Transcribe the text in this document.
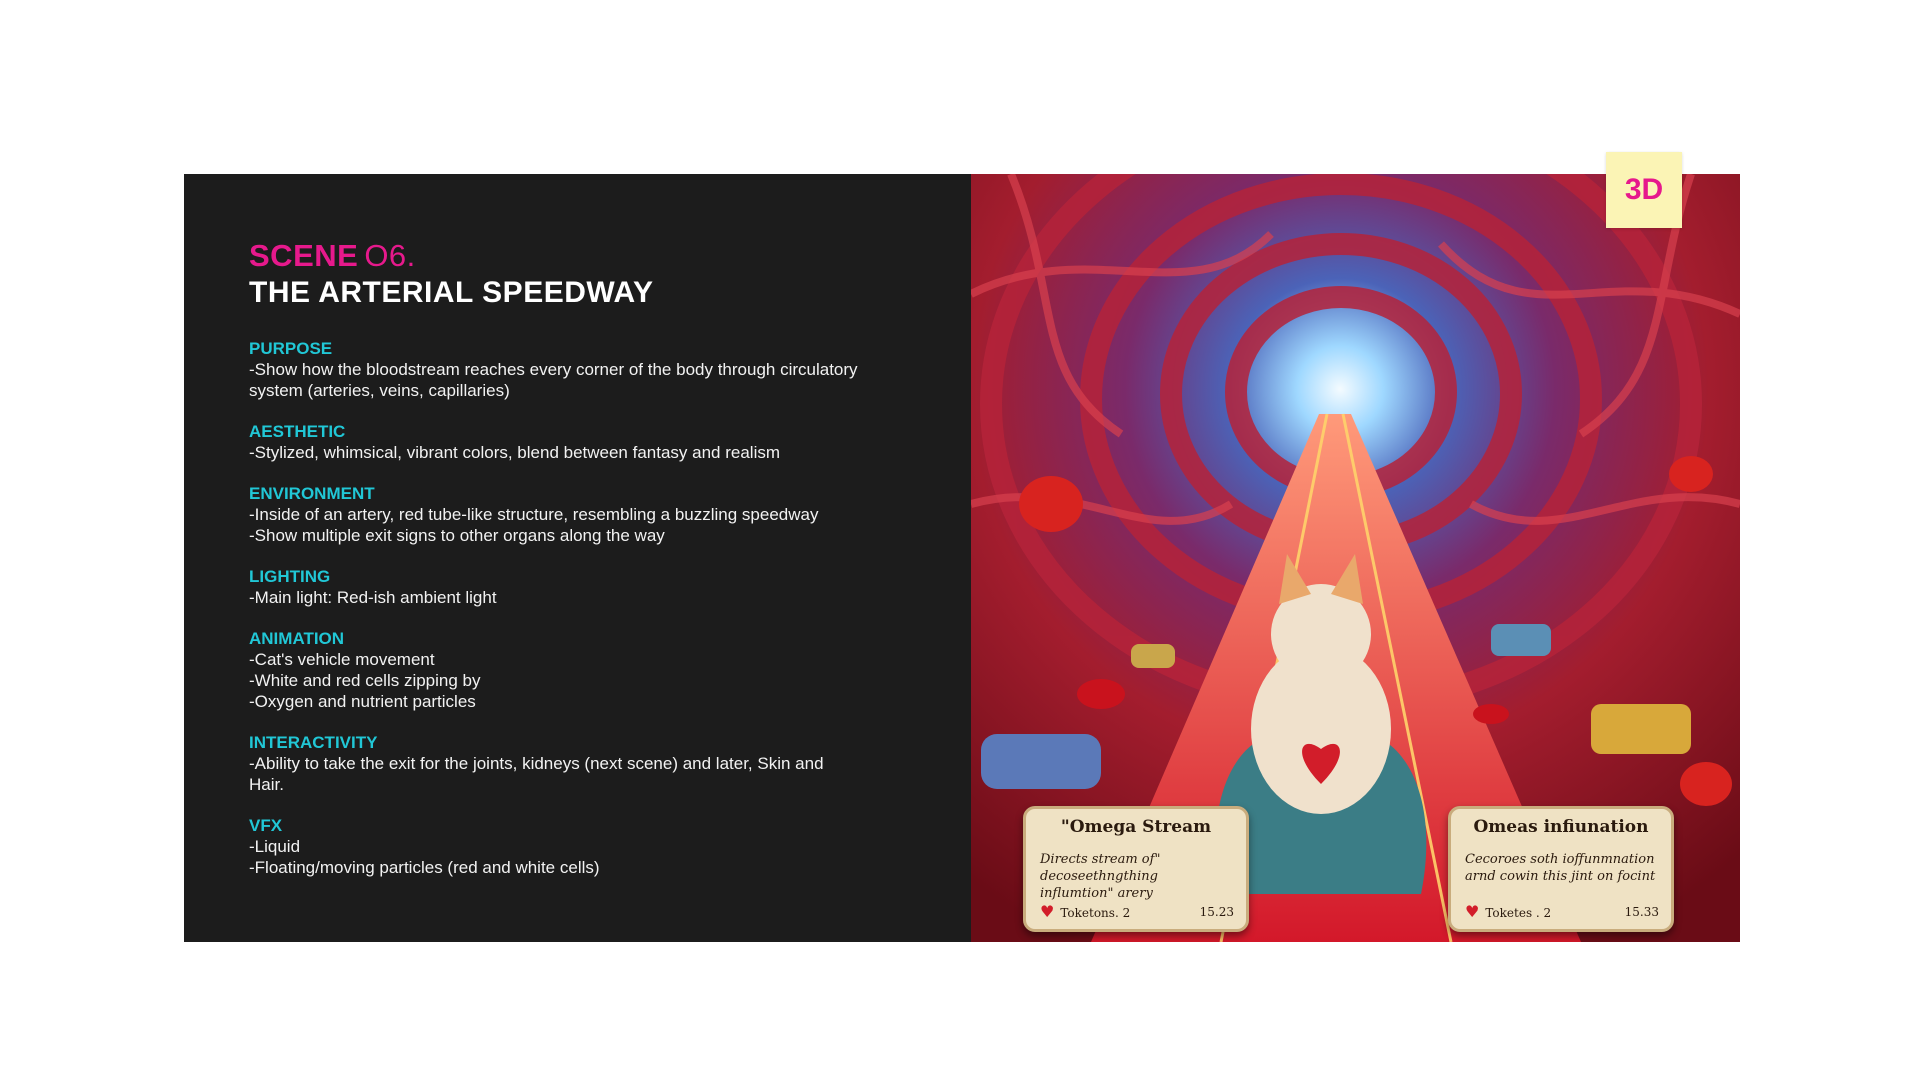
SCENE O6.

THE ARTERIAL SPEEDWAY

PURPOSE
-Show how the bloodstream reaches every corner of the body through circulatory system (arteries, veins, capillaries)
AESTHETIC
-Stylized, whimsical, vibrant colors, blend between fantasy and realism
ENVIRONMENT
-Inside of an artery, red tube-like structure, resembling a buzzling speedway
-Show multiple exit signs to other organs along the way
LIGHTING
-Main light: Red-ish ambient light
ANIMATION
-Cat's vehicle movement
-White and red cells zipping by
-Oxygen and nutrient particles
INTERACTIVITY
-Ability to take the exit for the joints, kidneys (next scene) and later, Skin and Hair.
VFX
-Liquid
-Floating/moving particles (red and white cells)
"Omega Stream
Directs stream of" decoseethngthing influmtion" arery
♥ Toketons. 2	15.23
Omeas infiunation
Cecoroes soth ioffunmnation arnd cowin this jint on focint
♥ Toketes . 2	15.33
3D
